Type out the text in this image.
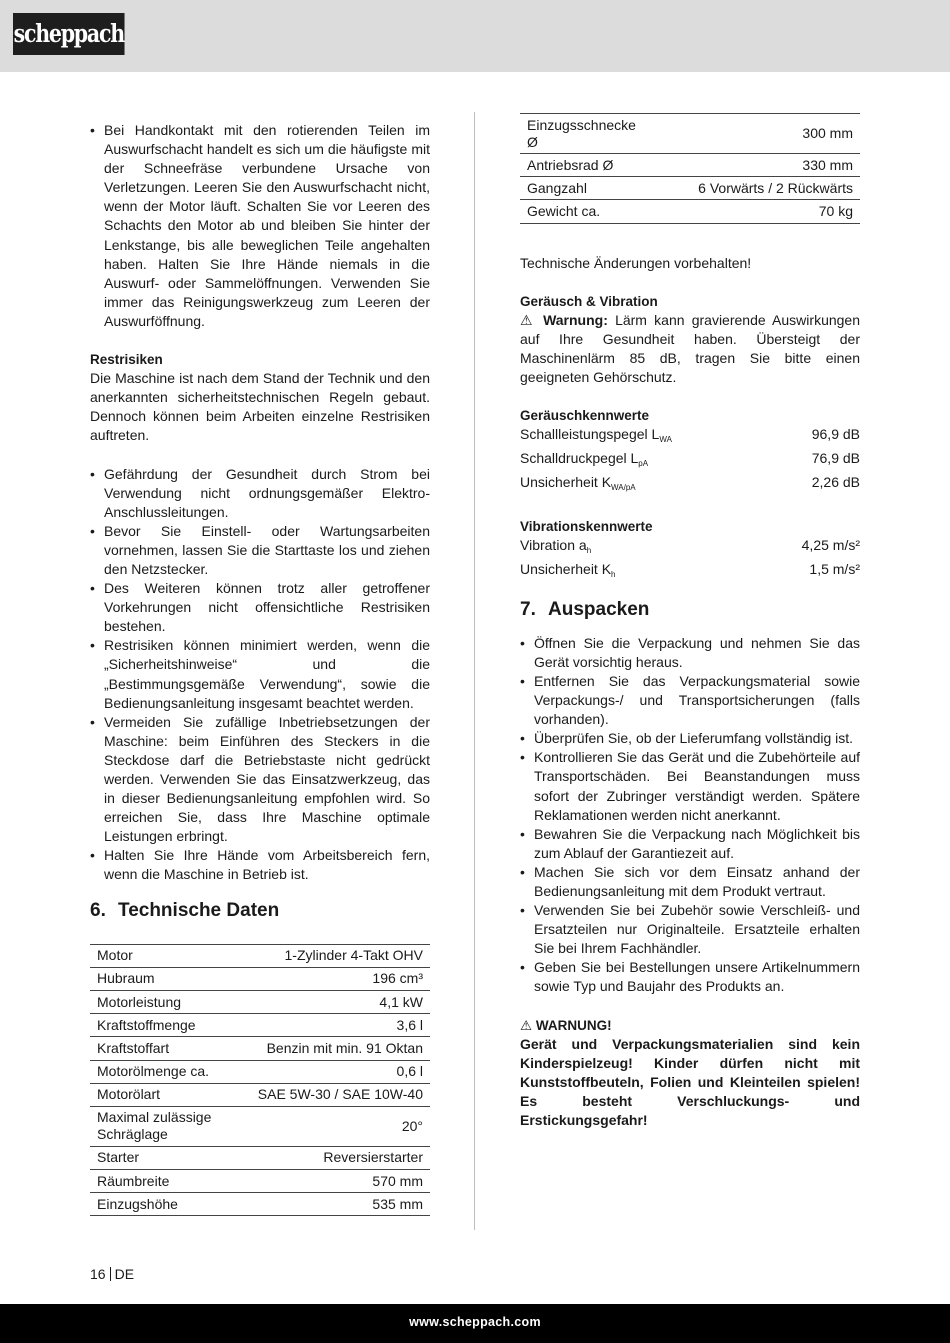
scheppach
• Bei Handkontakt mit den rotierenden Teilen im Auswurfschacht handelt es sich um die häufigste mit der Schneefräse verbundene Ursache von Verletzungen. Leeren Sie den Auswurfschacht nicht, wenn der Motor läuft. Schalten Sie vor Leeren des Schachts den Motor ab und bleiben Sie hinter der Lenkstange, bis alle beweglichen Teile angehalten haben. Halten Sie Ihre Hände niemals in die Auswurf- oder Sammelöffnungen. Verwenden Sie immer das Reinigungswerkzeug zum Leeren der Auswurföffnung.
Restrisiken

Die Maschine ist nach dem Stand der Technik und den anerkannten sicherheitstechnischen Regeln gebaut. Dennoch können beim Arbeiten einzelne Restrisiken auftreten.

• Gefährdung der Gesundheit durch Strom bei Verwendung nicht ordnungsgemäßer Elektro-Anschlussleitungen.
• Bevor Sie Einstell- oder Wartungsarbeiten vornehmen, lassen Sie die Starttaste los und ziehen den Netzstecker.
• Des Weiteren können trotz aller getroffener Vorkehrungen nicht offensichtliche Restrisiken bestehen.
• Restrisiken können minimiert werden, wenn die „Sicherheitshinweise“ und die „Bestimmungsgemäße Verwendung“, sowie die Bedienungsanleitung insgesamt beachtet werden.
• Vermeiden Sie zufällige Inbetriebsetzungen der Maschine: beim Einführen des Steckers in die Steckdose darf die Betriebstaste nicht gedrückt werden. Verwenden Sie das Einsatzwerkzeug, das in dieser Bedienungsanleitung empfohlen wird. So erreichen Sie, dass Ihre Maschine optimale Leistungen erbringt.
• Halten Sie Ihre Hände vom Arbeitsbereich fern, wenn die Maschine in Betrieb ist.
6. Technische Daten
Motor	1-Zylinder 4-Takt OHV
Hubraum	196 cm³
Motorleistung	4,1 kW
Kraftstoffmenge	3,6 l
Kraftstoffart	Benzin mit min. 91 Oktan
Motorölmenge ca.	0,6 l
Motorölart	SAE 5W-30 / SAE 10W-40
Maximal zulässige Schräglage	20°
Starter	Reversierstarter
Räumbreite	570 mm
Einzugshöhe	535 mm
Einzugsschnecke Ø	300 mm
Antriebsrad Ø	330 mm
Gangzahl	6 Vorwärts / 2 Rückwärts
Gewicht ca.	70 kg

Technische Änderungen vorbehalten!

Geräusch & Vibration

⚠ Warnung: Lärm kann gravierende Auswirkungen auf Ihre Gesundheit haben. Übersteigt der Maschinenlärm 85 dB, tragen Sie bitte einen geeigneten Gehörschutz.

Geräuschkennwerte
Schallleistungspegel $L_{WA}$	96,9 dB
Schalldruckpegel $L_{pA}$	76,9 dB
Unsicherheit $K_{WA/pA}$	2,26 dB
Vibrationskennwerte
Vibration $a_h$	4,25 m/s²
Unsicherheit $K_h$	1,5 m/s²
7. Auspacken
• Öffnen Sie die Verpackung und nehmen Sie das Gerät vorsichtig heraus.
• Entfernen Sie das Verpackungsmaterial sowie Verpackungs-/ und Transportsicherungen (falls vorhanden).
• Überprüfen Sie, ob der Lieferumfang vollständig ist.
• Kontrollieren Sie das Gerät und die Zubehörteile auf Transportschäden. Bei Beanstandungen muss sofort der Zubringer verständigt werden. Spätere Reklamationen werden nicht anerkannt.
• Bewahren Sie die Verpackung nach Möglichkeit bis zum Ablauf der Garantiezeit auf.
• Machen Sie sich vor dem Einsatz anhand der Bedienungsanleitung mit dem Produkt vertraut.
• Verwenden Sie bei Zubehör sowie Verschleiß- und Ersatzteilen nur Originalteile. Ersatzteile erhalten Sie bei Ihrem Fachhändler.
• Geben Sie bei Bestellungen unsere Artikelnummern sowie Typ und Baujahr des Produkts an.
⚠ WARNUNG!

Gerät und Verpackungsmaterialien sind kein Kinderspielzeug! Kinder dürfen nicht mit Kunststoffbeuteln, Folien und Kleinteilen spielen! Es besteht Verschluckungs- und Erstickungsgefahr!

16 DE
www.scheppach.com
